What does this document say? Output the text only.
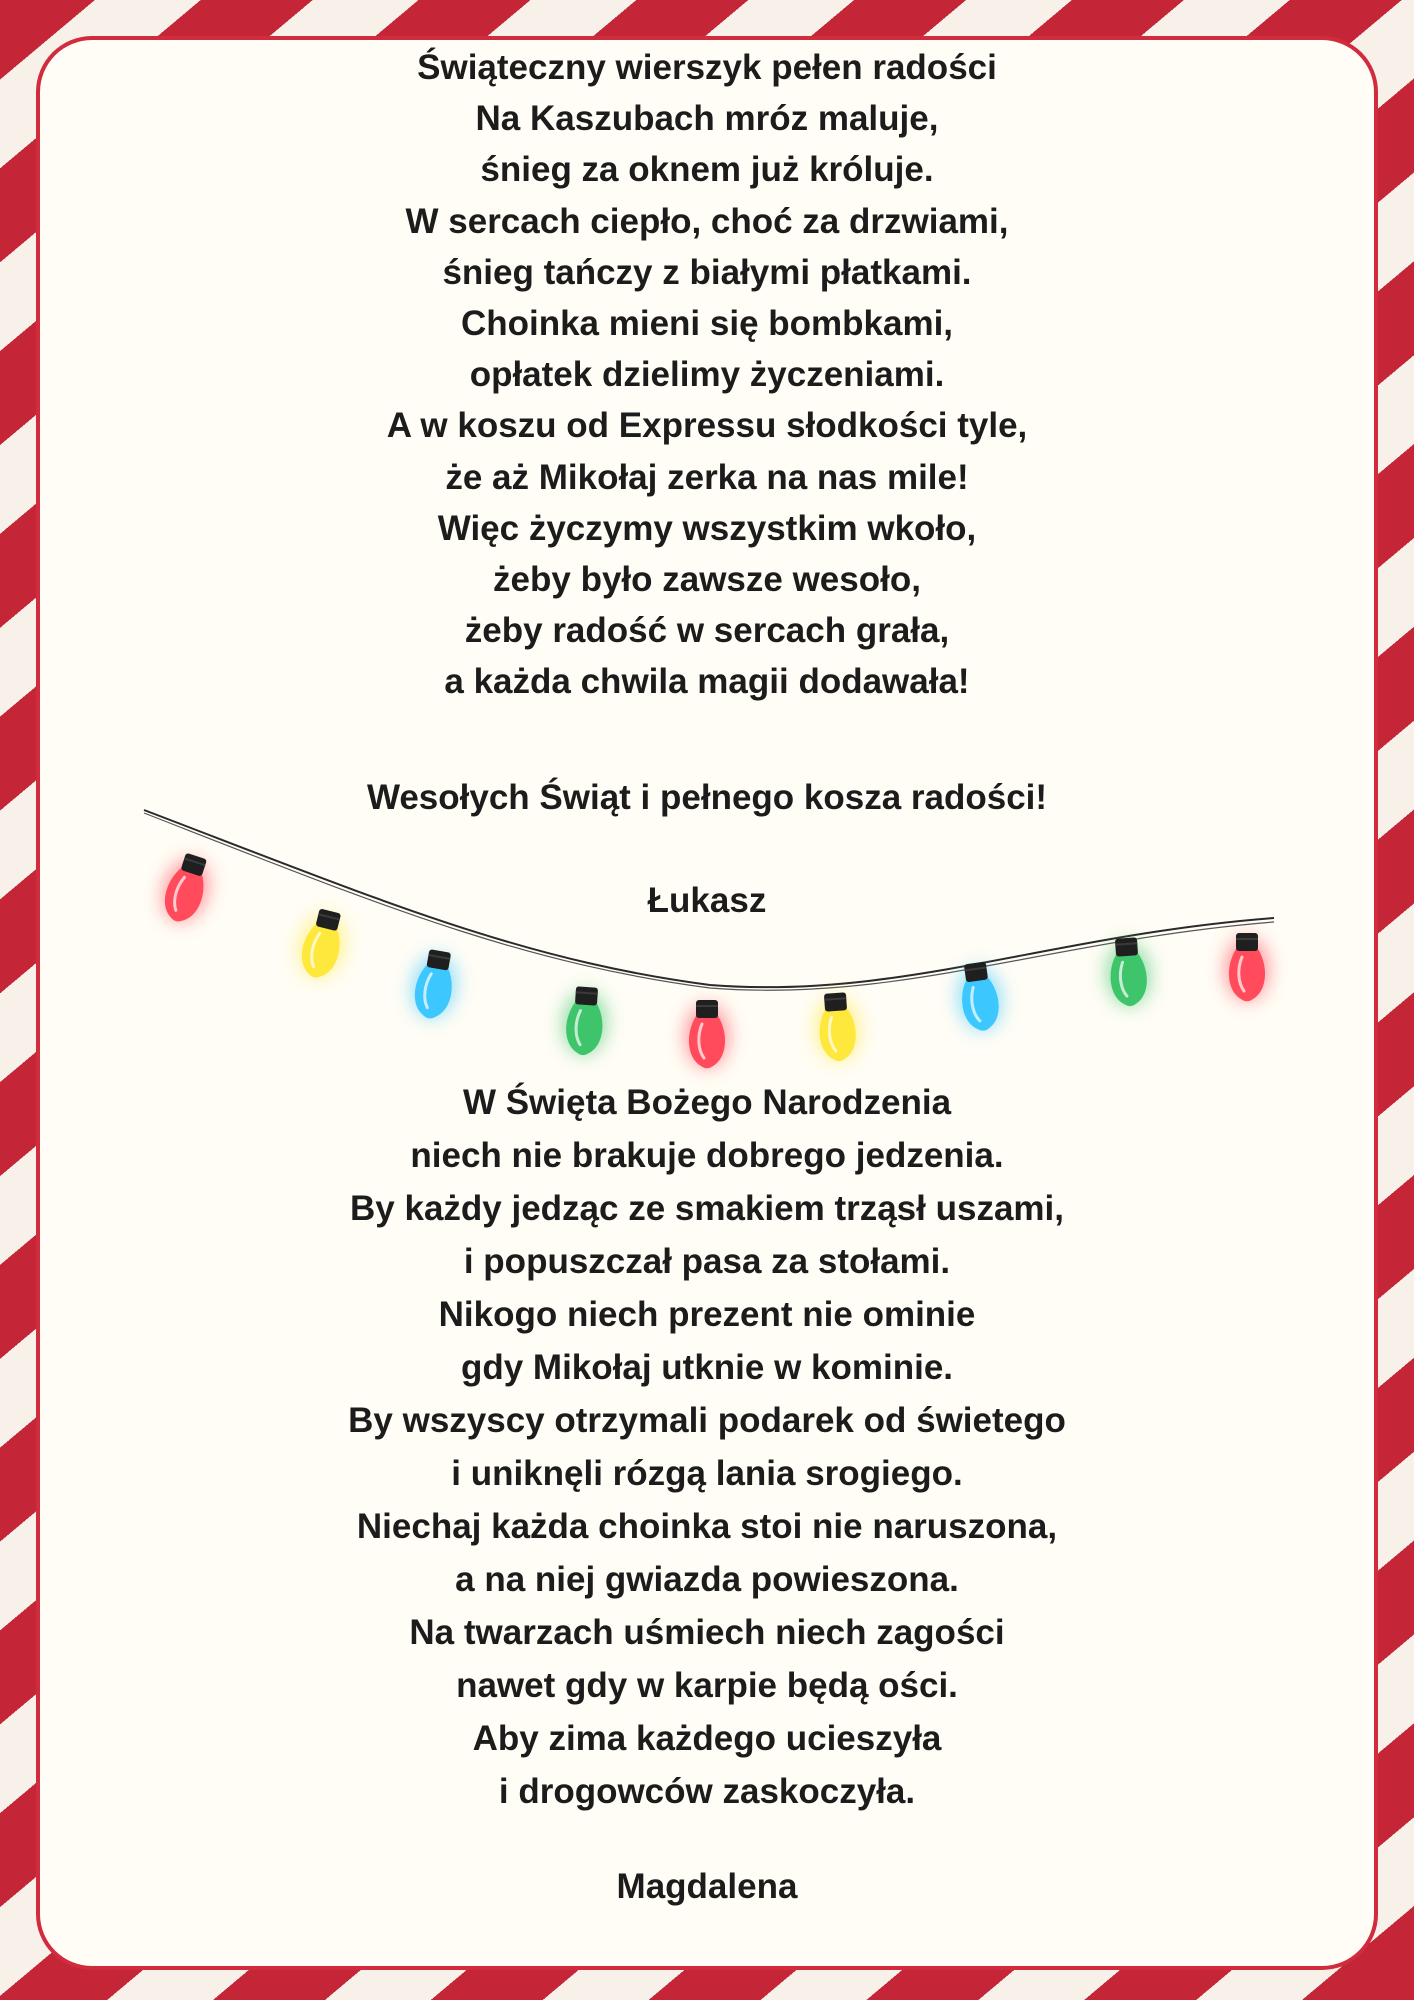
Świąteczny wierszyk pełen radości
Na Kaszubach mróz maluje,
śnieg za oknem już króluje.
W sercach ciepło, choć za drzwiami,
śnieg tańczy z białymi płatkami.
Choinka mieni się bombkami,
opłatek dzielimy życzeniami.
A w koszu od Expressu słodkości tyle,
że aż Mikołaj zerka na nas mile!
Więc życzymy wszystkim wkoło,
żeby było zawsze wesoło,
żeby radość w sercach grała,
a każda chwila magii dodawała!

Wesołych Świąt i pełnego kosza radości!

Łukasz

W Święta Bożego Narodzenia
niech nie brakuje dobrego jedzenia.
By każdy jedząc ze smakiem trząsł uszami,
i popuszczał pasa za stołami.
Nikogo niech prezent nie ominie
gdy Mikołaj utknie w kominie.
By wszyscy otrzymali podarek od świetego
i uniknęli rózgą lania srogiego.
Niechaj każda choinka stoi nie naruszona,
a na niej gwiazda powieszona.
Na twarzach uśmiech niech zagości
nawet gdy w karpie będą ości.
Aby zima każdego ucieszyła
i drogowców zaskoczyła.

Magdalena
